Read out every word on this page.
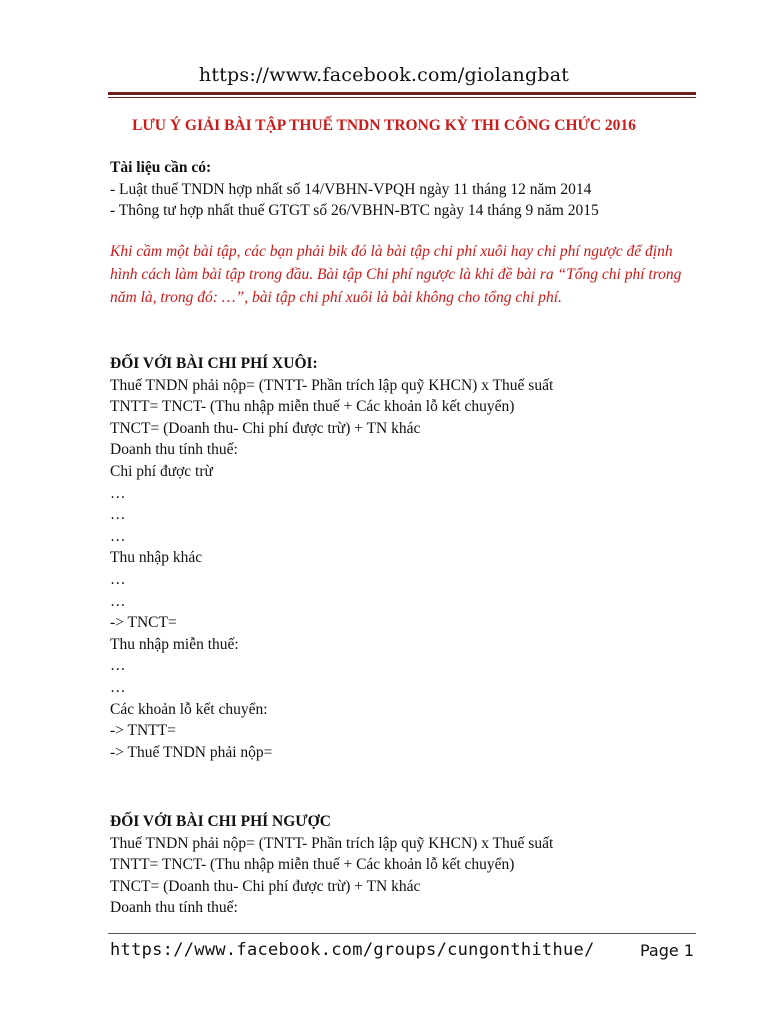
https://www.facebook.com/giolangbat
LƯU Ý GIẢI BÀI TẬP THUẾ TNDN TRONG KỲ THI CÔNG CHỨC 2016
Tài liệu cần có:
- Luật thuế TNDN hợp nhất số 14/VBHN-VPQH ngày 11 tháng 12 năm 2014
- Thông tư hợp nhất thuế GTGT số 26/VBHN-BTC ngày 14 tháng 9 năm 2015
Khi cầm một bài tập, các bạn phải bik đó là bài tập chi phí xuôi hay chi phí ngược để định hình cách làm bài tập trong đầu. Bài tập Chi phí ngược là khi đề bài ra “Tổng chi phí trong năm là, trong đó: …”, bài tập chi phí xuôi là bài không cho tổng chi phí.
ĐỐI VỚI BÀI CHI PHÍ XUÔI:
Thuế TNDN phải nộp= (TNTT- Phần trích lập quỹ KHCN) x Thuế suất
TNTT= TNCT- (Thu nhập miễn thuế + Các khoản lỗ kết chuyển)
TNCT= (Doanh thu- Chi phí được trừ) + TN khác
Doanh thu tính thuế:
Chi phí được trừ
…
…
…
Thu nhập khác
…
…
-> TNCT=
Thu nhập miễn thuế:
…
…
Các khoản lỗ kết chuyển:
-> TNTT=
-> Thuế TNDN phải nộp=
ĐỐI VỚI BÀI CHI PHÍ NGƯỢC
Thuế TNDN phải nộp= (TNTT- Phần trích lập quỹ KHCN) x Thuế suất
TNTT= TNCT- (Thu nhập miễn thuế + Các khoản lỗ kết chuyển)
TNCT= (Doanh thu- Chi phí được trừ) + TN khác
Doanh thu tính thuế:
https://www.facebook.com/groups/cungonthithue/	Page 1
